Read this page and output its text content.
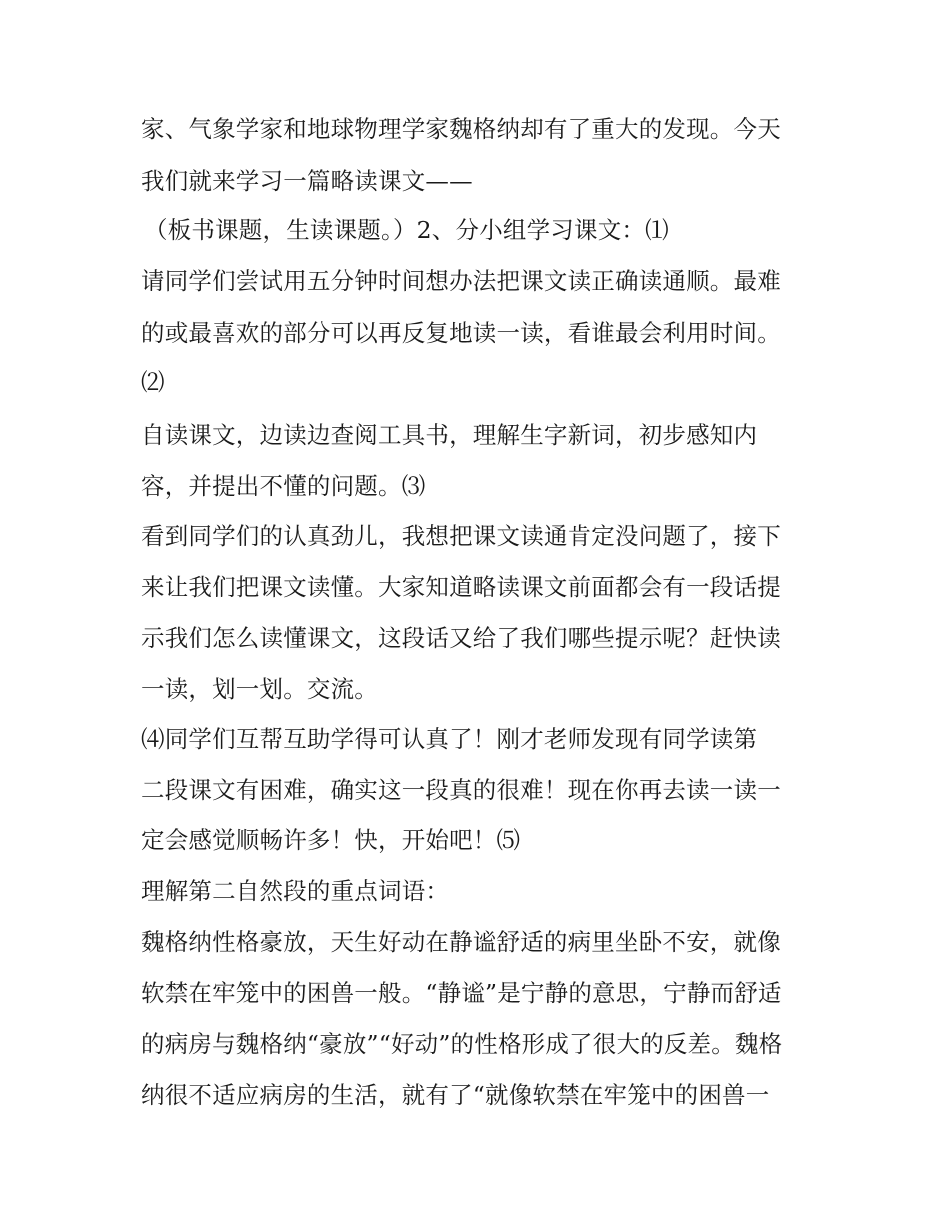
家、气象学家和地球物理学家魏格纳却有了重大的发现。今天
我们就来学习一篇略读课文——
（板书课题，生读课题。）2、分小组学习课文：⑴
请同学们尝试用五分钟时间想办法把课文读正确读通顺。最难
的或最喜欢的部分可以再反复地读一读，看谁最会利用时间。
⑵
自读课文，边读边查阅工具书，理解生字新词，初步感知内
容，并提出不懂的问题。⑶
看到同学们的认真劲儿，我想把课文读通肯定没问题了，接下
来让我们把课文读懂。大家知道略读课文前面都会有一段话提
示我们怎么读懂课文，这段话又给了我们哪些提示呢？赶快读
一读，划一划。交流。
⑷同学们互帮互助学得可认真了！刚才老师发现有同学读第
二段课文有困难，确实这一段真的很难！现在你再去读一读一
定会感觉顺畅许多！快，开始吧！⑸
理解第二自然段的重点词语：
魏格纳性格豪放，天生好动在静谧舒适的病里坐卧不安，就像
软禁在牢笼中的困兽一般。“静谧”是宁静的意思，宁静而舒适
的病房与魏格纳“豪放”“好动”的性格形成了很大的反差。魏格
纳很不适应病房的生活，就有了“就像软禁在牢笼中的困兽一
